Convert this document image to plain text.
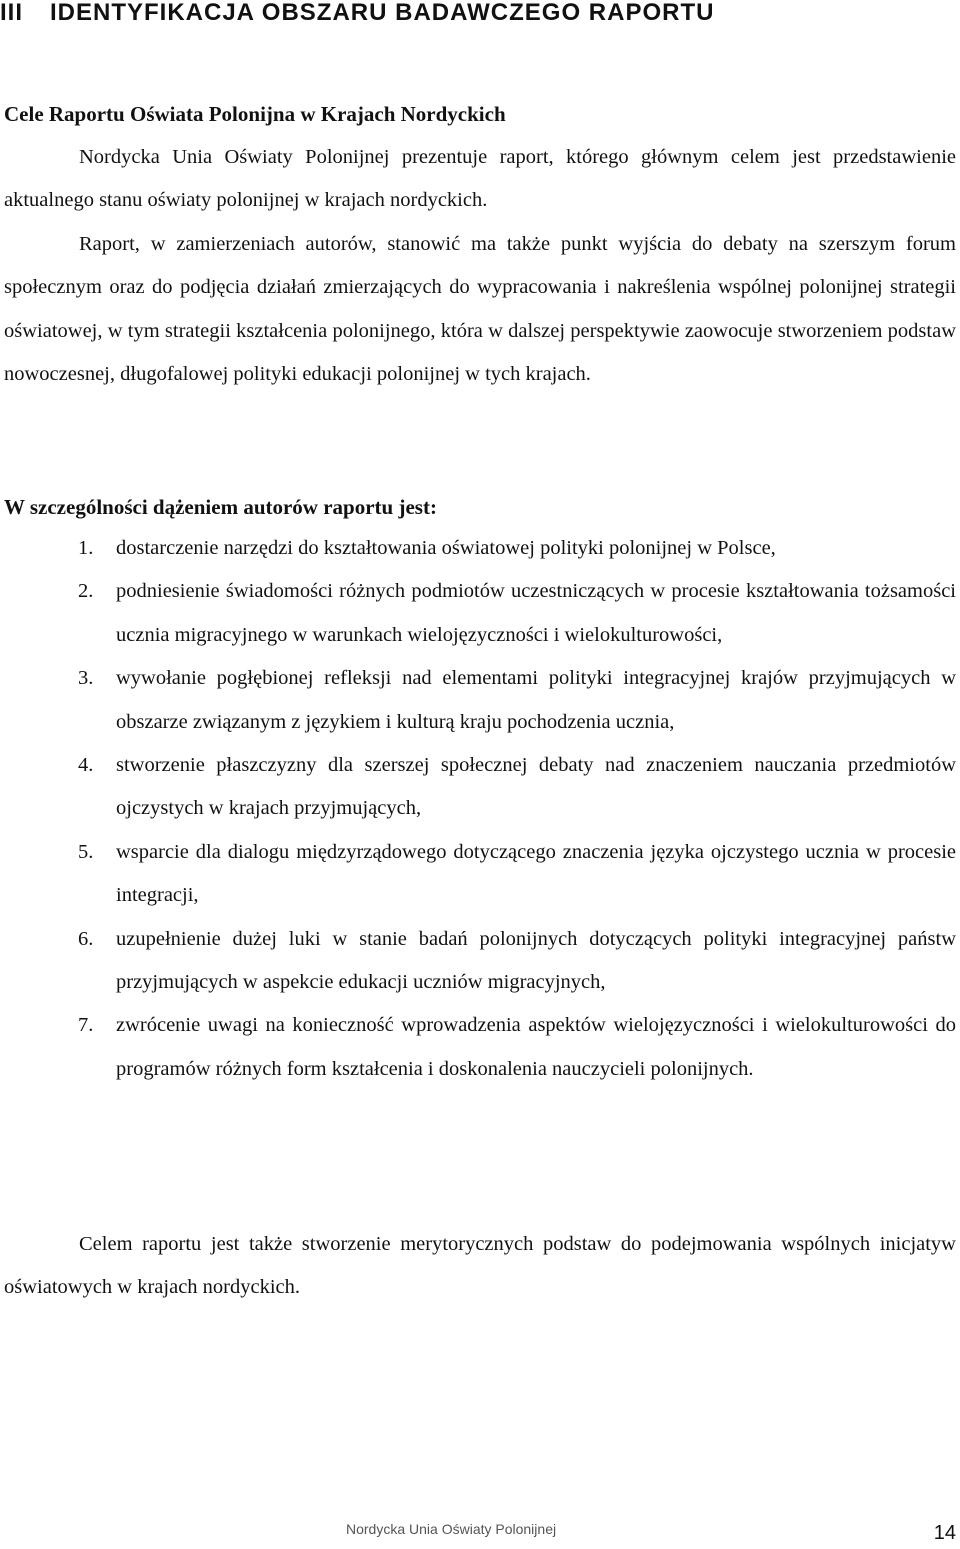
III IDENTYFIKACJA OBSZARU BADAWCZEGO RAPORTU
Cele Raportu Oświata Polonijna w Krajach Nordyckich

Nordycka Unia Oświaty Polonijnej prezentuje raport, którego głównym celem jest przedstawienie aktualnego stanu oświaty polonijnej w krajach nordyckich.

Raport, w zamierzeniach autorów, stanowić ma także punkt wyjścia do debaty na szerszym forum społecznym oraz do podjęcia działań zmierzających do wypracowania i nakreślenia wspólnej polonijnej strategii oświatowej, w tym strategii kształcenia polonijnego, która w dalszej perspektywie zaowocuje stworzeniem podstaw nowoczesnej, długofalowej polityki edukacji polonijnej w tych krajach.

W szczególności dążeniem autorów raportu jest:
1. dostarczenie narzędzi do kształtowania oświatowej polityki polonijnej w Polsce,
2. podniesienie świadomości różnych podmiotów uczestniczących w procesie kształtowania tożsamości ucznia migracyjnego w warunkach wielojęzyczności i wielokulturowości,
3. wywołanie pogłębionej refleksji nad elementami polityki integracyjnej krajów przyjmujących w obszarze związanym z językiem i kulturą kraju pochodzenia ucznia,
4. stworzenie płaszczyzny dla szerszej społecznej debaty nad znaczeniem nauczania przedmiotów ojczystych w krajach przyjmujących,
5. wsparcie dla dialogu międzyrządowego dotyczącego znaczenia języka ojczystego ucznia w procesie integracji,
6. uzupełnienie dużej luki w stanie badań polonijnych dotyczących polityki integracyjnej państw przyjmujących w aspekcie edukacji uczniów migracyjnych,
7. zwrócenie uwagi na konieczność wprowadzenia aspektów wielojęzyczności i wielokulturowości do programów różnych form kształcenia i doskonalenia nauczycieli polonijnych.

Celem raportu jest także stworzenie merytorycznych podstaw do podejmowania wspólnych inicjatyw oświatowych w krajach nordyckich.

Nordycka Unia Oświaty Polonijnej	14
